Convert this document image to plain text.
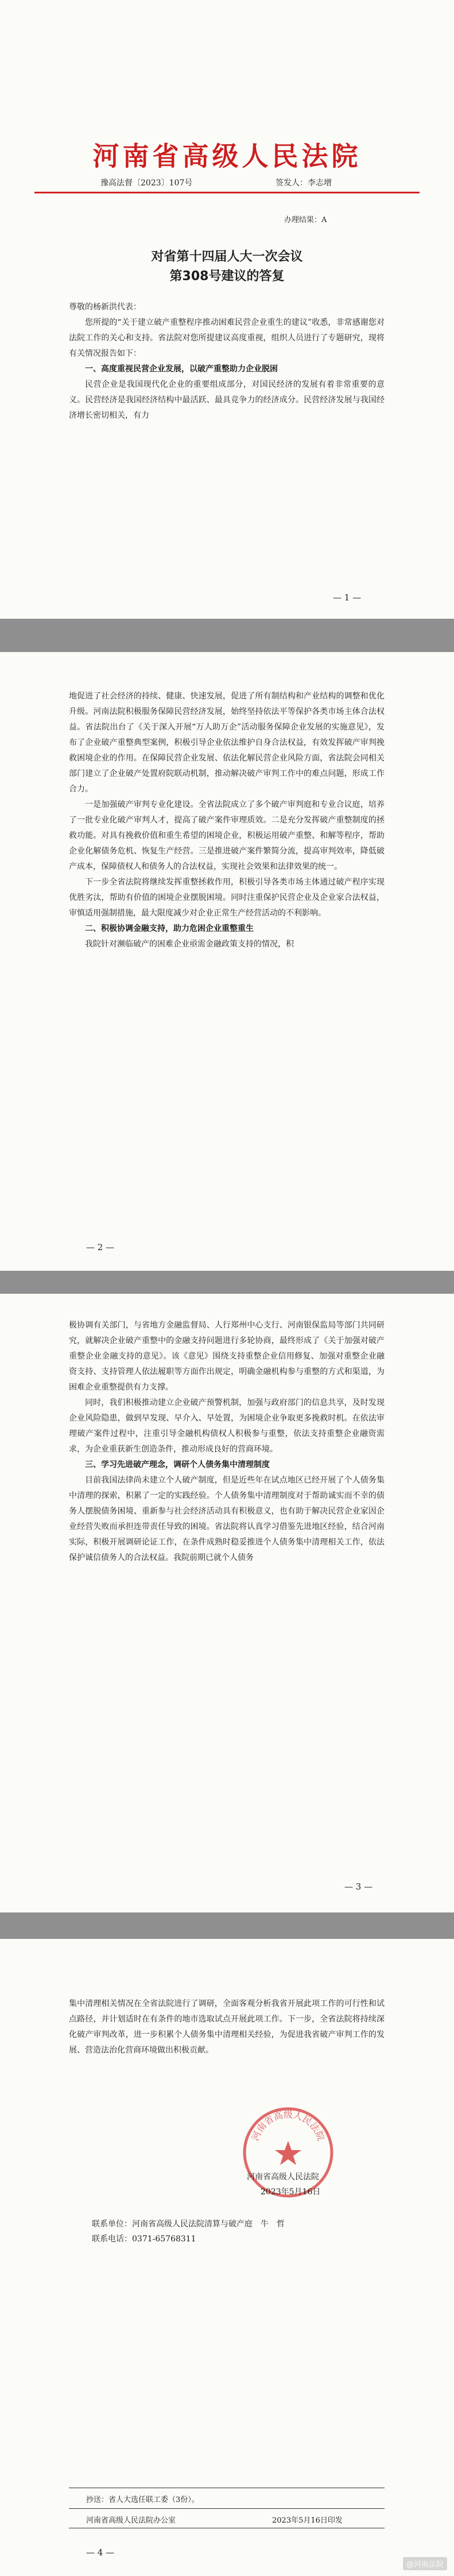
河南省高级人民法院
豫高法督〔2023〕107号	签发人：李志增
办理结果：A
对省第十四届人大一次会议
第308号建议的答复

尊敬的杨新洪代表：

您所提的“关于建立破产重整程序推动困难民营企业重生的建议”收悉，非常感谢您对法院工作的关心和支持。省法院对您所提建议高度重视，组织人员进行了专题研究，现将有关情况报告如下：

一、高度重视民营企业发展，以破产重整助力企业脱困

民营企业是我国现代化企业的重要组成部分，对国民经济的发展有着非常重要的意义。民营经济是我国经济结构中最活跃、最具竞争力的经济成分。民营经济发展与我国经济增长密切相关，有力

— 1 —

地促进了社会经济的持续、健康、快速发展，促进了所有制结构和产业结构的调整和优化升级。河南法院积极服务保障民营经济发展，始终坚持依法平等保护各类市场主体合法权益。省法院出台了《关于深入开展“万人助万企”活动服务保障企业发展的实施意见》，发布了企业破产重整典型案例，积极引导企业依法维护自身合法权益，有效发挥破产审判挽救困境企业的作用。在保障民营企业发展、依法化解民营企业风险方面，省法院会同相关部门建立了企业破产处置府院联动机制，推动解决破产审判工作中的难点问题，形成工作合力。

一是加强破产审判专业化建设。全省法院成立了多个破产审判庭和专业合议庭，培养了一批专业化破产审判人才，提高了破产案件审理质效。二是充分发挥破产重整制度的拯救功能。对具有挽救价值和重生希望的困境企业，积极运用破产重整、和解等程序，帮助企业化解债务危机、恢复生产经营。三是推进破产案件繁简分流，提高审判效率，降低破产成本，保障债权人和债务人的合法权益，实现社会效果和法律效果的统一。

下一步全省法院将继续发挥重整拯救作用，积极引导各类市场主体通过破产程序实现优胜劣汰，帮助有价值的困境企业摆脱困境。同时注重保护民营企业及企业家合法权益，审慎适用强制措施，最大限度减少对企业正常生产经营活动的不利影响。

二、积极协调金融支持，助力危困企业重整重生

我院针对濒临破产的困难企业亟需金融政策支持的情况，积

— 2 —

极协调有关部门，与省地方金融监督局、人行郑州中心支行、河南银保监局等部门共同研究，就解决企业破产重整中的金融支持问题进行多轮协商，最终形成了《关于加强对破产重整企业金融支持的意见》。该《意见》围绕支持重整企业信用修复、加强对重整企业融资支持、支持管理人依法履职等方面作出规定，明确金融机构参与重整的方式和渠道，为困难企业重整提供有力支撑。

同时，我们积极推动建立企业破产预警机制，加强与政府部门的信息共享，及时发现企业风险隐患，做到早发现、早介入、早处置，为困境企业争取更多挽救时机。在依法审理破产案件过程中，注重引导金融机构债权人积极参与重整，依法支持重整企业融资需求，为企业重获新生创造条件，推动形成良好的营商环境。

三、学习先进破产理念，调研个人债务集中清理制度

目前我国法律尚未建立个人破产制度，但是近些年在试点地区已经开展了个人债务集中清理的探索，积累了一定的实践经验。个人债务集中清理制度对于帮助诚实而不幸的债务人摆脱债务困境、重新参与社会经济活动具有积极意义，也有助于解决民营企业家因企业经营失败而承担连带责任导致的困境。省法院将认真学习借鉴先进地区经验，结合河南实际，积极开展调研论证工作，在条件成熟时稳妥推进个人债务集中清理相关工作，依法保护诚信债务人的合法权益。我院前期已就个人债务

— 3 —

集中清理相关情况在全省法院进行了调研，全面客观分析我省开展此项工作的可行性和试点路径，并计划适时在有条件的地市选取试点开展此项工作。下一步，全省法院将持续深化破产审判改革，进一步积累个人债务集中清理相关经验，为促进我省破产审判工作的发展、营造法治化营商环境做出积极贡献。

河南省高级人民法院
河南省高级人民法院
2023年5月16日
联系单位：河南省高级人民法院清算与破产庭　牛　哲
联系电话：0371-65768311
抄送：省人大选任联工委（3份）。
河南省高级人民法院办公室	2023年5月16日印发
— 4 —
@河南法院
